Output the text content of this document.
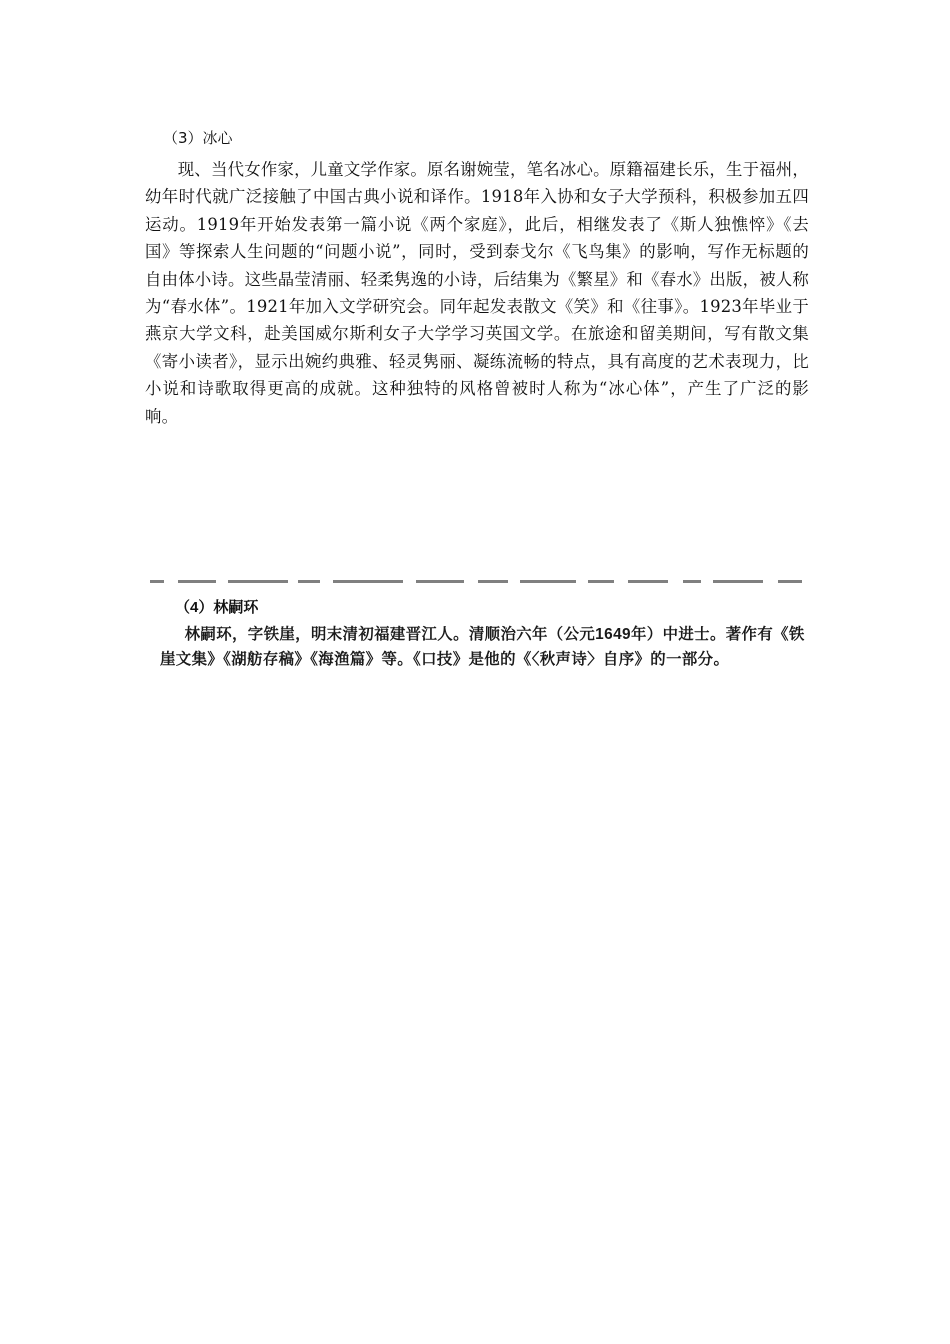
（3）冰心
现、当代女作家，儿童文学作家。原名谢婉莹，笔名冰心。原籍福建长乐，生于福州，幼年时代就广泛接触了中国古典小说和译作。1918年入协和女子大学预科，积极参加五四运动。1919年开始发表第一篇小说《两个家庭》，此后，相继发表了《斯人独憔悴》《去国》等探索人生问题的“问题小说”，同时，受到泰戈尔《飞鸟集》的影响，写作无标题的自由体小诗。这些晶莹清丽、轻柔隽逸的小诗，后结集为《繁星》和《春水》出版，被人称为“春水体”。1921年加入文学研究会。同年起发表散文《笑》和《往事》。1923年毕业于燕京大学文科，赴美国威尔斯利女子大学学习英国文学。在旅途和留美期间，写有散文集《寄小读者》，显示出婉约典雅、轻灵隽丽、凝练流畅的特点，具有高度的艺术表现力，比小说和诗歌取得更高的成就。这种独特的风格曾被时人称为“冰心体”，产生了广泛的影响。
（4）林嗣环
林嗣环，字铁崖，明末清初福建晋江人。清顺治六年（公元1649年）中进士。著作有《铁崖文集》《湖舫存稿》《海渔篇》等。《口技》是他的《〈秋声诗〉自序》的一部分。
